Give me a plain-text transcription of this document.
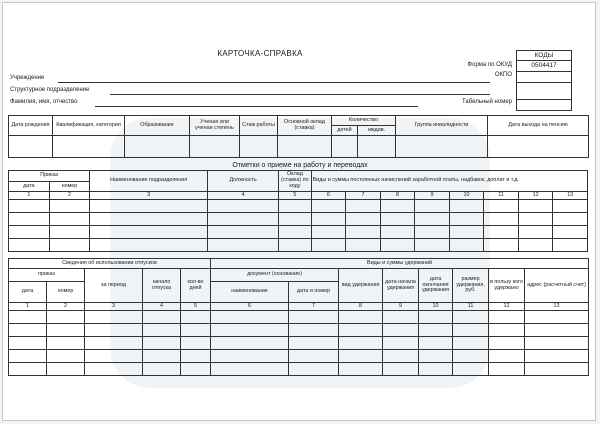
КАРТОЧКА-СПРАВКА
Форма по ОКУД
ОКПО
Табельный номер
КОДЫ
0504417

Учреждение
Структурное подразделение
Фамилия, имя, отчество
Дата рождения	Квалификация, категория	Образование	Ученая или ученая степень	Стаж работы	Основной оклад (ставка)	Количество		Группа инвалидности	Дата выхода на пенсию
						детей	иждив.		

Отметки о приеме на работу и переводах
Приказ		Наименование подразделения	Должность	Оклад (ставка) по коду	Виды и суммы постоянных начислений заработной платы, надбавок, доплат и т.д.							
дата	номер											
1	2	3	4	5	6	7	8	9	10	11	12	13

Сведения об использовании отпусков					Виды и суммы удержаний							
приказ		за период	начало отпуска	кол-во дней	документ (основание)		вид удержания	дата начала удержания	дата окончания удержания	размер удержания, руб.	в пользу кого удержано	адрес (расчетный счет)
дата	номер				наименование	дата и номер						
1	2	3	4	5	6	7	8	9	10	11	12	13
